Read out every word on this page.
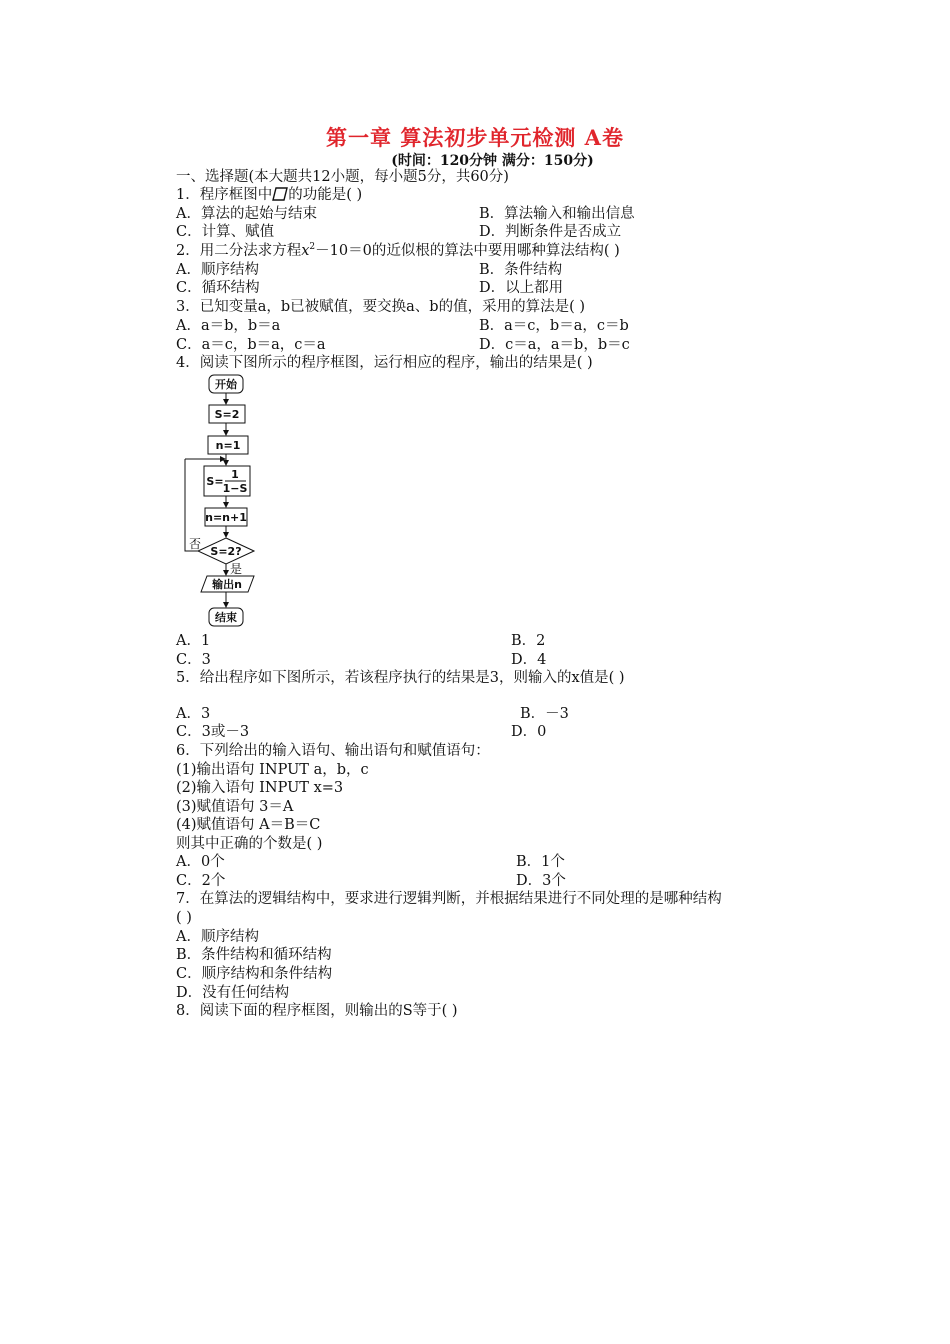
第一章 算法初步单元检测 A卷
(时间：120分钟 满分：150分)
一、选择题(本大题共12小题，每小题5分，共60分)
1．程序框图中 的功能是( )
A．算法的起始与结束	B．算法输入和输出信息
C．计算、赋值	D．判断条件是否成立
2．用二分法求方程$x^2-10=0$的近似根的算法中要用哪种算法结构( )
A．顺序结构	B．条件结构
C．循环结构	D．以上都用
3．已知变量a，b已被赋值，要交换a、b的值，采用的算法是( )
A．a＝b，b＝a	B．a＝c，b＝a，c＝b
C．a＝c，b＝a，c＝a	D．c＝a，a＝b，b＝c
4．阅读下图所示的程序框图，运行相应的程序，输出的结果是( )
开始
S=2
n=1
S=
1
1−S
n=n+1
S=2?
输出n
结束
否
是
A．1	B．2
C．3	D．4
5．给出程序如下图所示，若该程序执行的结果是3，则输入的x值是( )
A．3	B．－3
C．3或－3	D．0
6．下列给出的输入语句、输出语句和赋值语句：
(1)输出语句 INPUT a，b，c
(2)输入语句 INPUT x=3
(3)赋值语句 3＝A
(4)赋值语句 A＝B＝C
则其中正确的个数是( )
A．0个	B．1个
C．2个	D．3个
7．在算法的逻辑结构中，要求进行逻辑判断，并根据结果进行不同处理的是哪种结构
( )
A．顺序结构
B．条件结构和循环结构
C．顺序结构和条件结构
D．没有任何结构
8．阅读下面的程序框图，则输出的S等于( )
